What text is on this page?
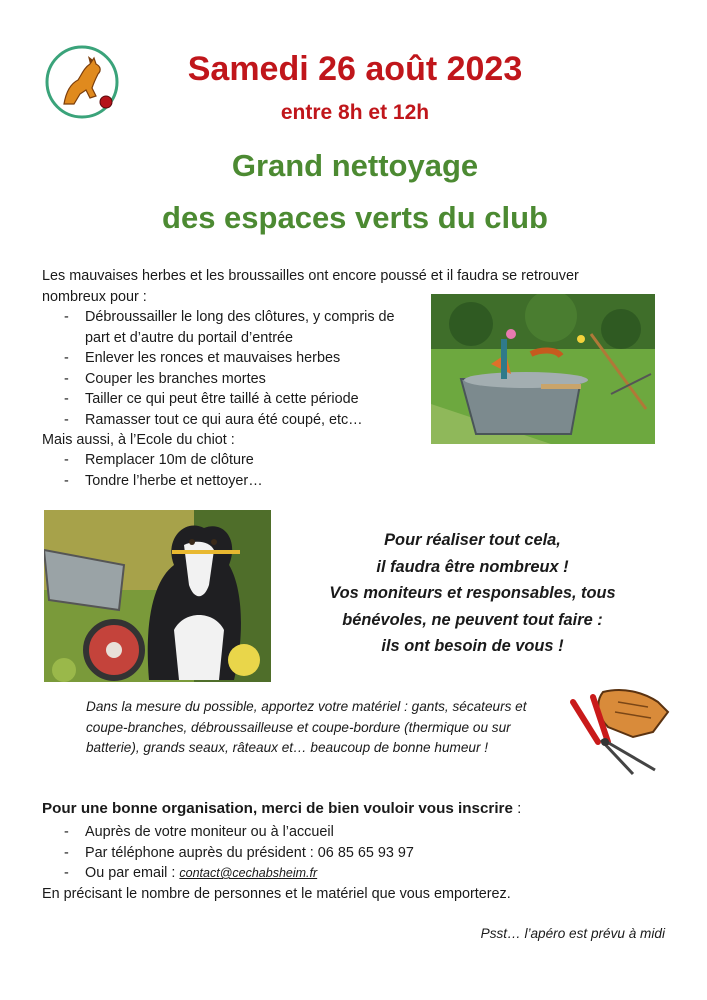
Samedi 26 août 2023
entre 8h et 12h
Grand nettoyage
des espaces verts du club
Les mauvaises herbes et les broussailles ont encore poussé et il faudra se retrouver nombreux pour :
- Débroussailler le long des clôtures, y compris de part et d’autre du portail d’entrée
- Enlever les ronces et mauvaises herbes
- Couper les branches mortes
- Tailler ce qui peut être taillé à cette période
- Ramasser tout ce qui aura été coupé, etc…
Mais aussi, à l’Ecole du chiot :
- Remplacer 10m de clôture
- Tondre l’herbe et nettoyer…
Pour réaliser tout cela,
il faudra être nombreux !
Vos moniteurs et responsables, tous
bénévoles, ne peuvent tout faire :
ils ont besoin de vous !
Dans la mesure du possible, apportez votre matériel : gants, sécateurs et coupe-branches, débroussailleuse et coupe-bordure (thermique ou sur batterie), grands seaux, râteaux et… beaucoup de bonne humeur !
Pour une bonne organisation, merci de bien vouloir vous inscrire :
- Auprès de votre moniteur ou à l’accueil
- Par téléphone auprès du président : 06 85 65 93 97
- Ou par email : contact@cechabsheim.fr
En précisant le nombre de personnes et le matériel que vous emporterez.
Psst… l’apéro est prévu à midi
